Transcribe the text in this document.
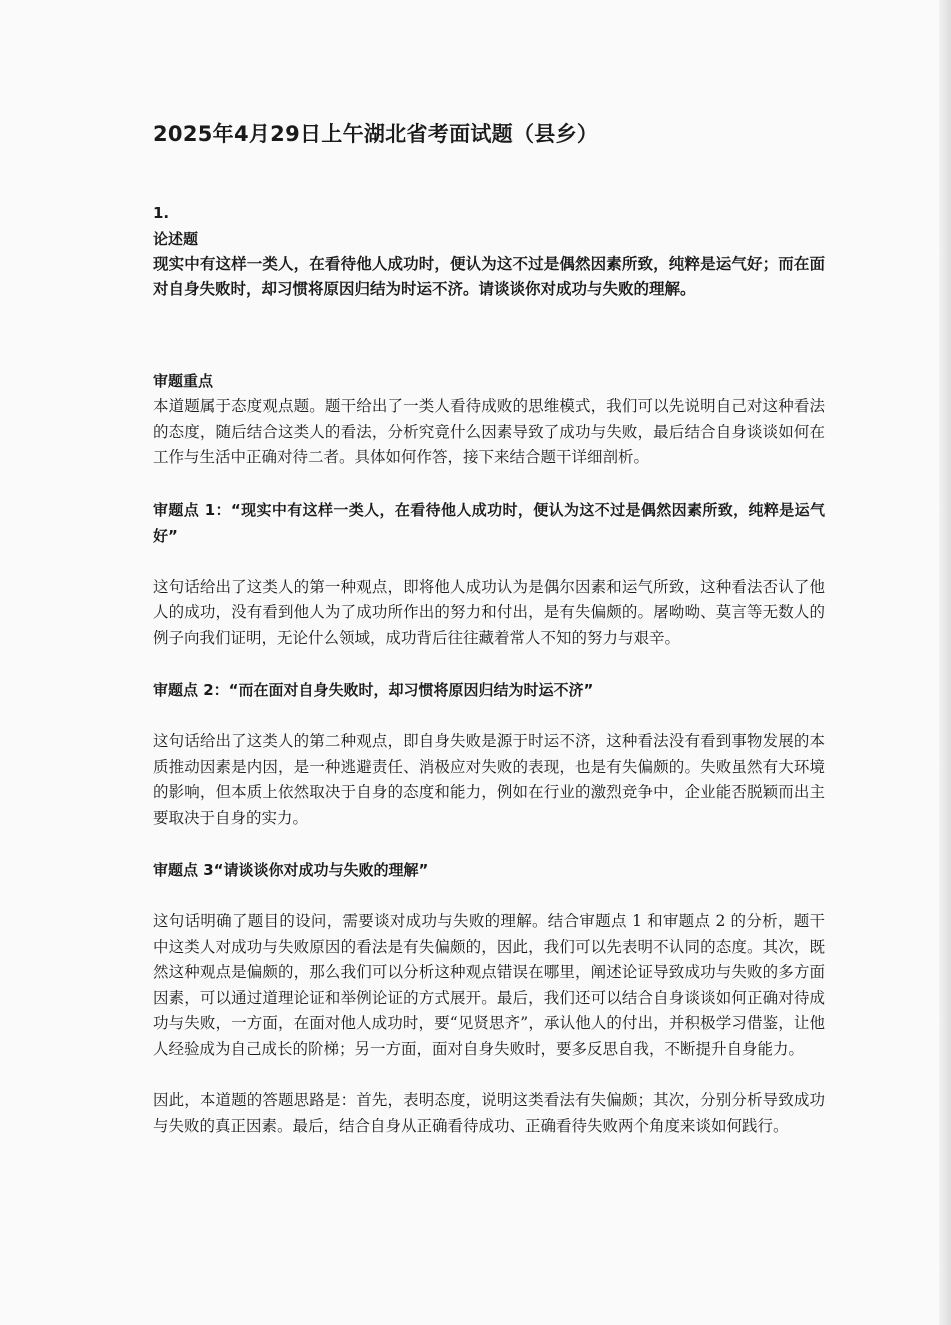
2025年4月29日上午湖北省考面试题（县乡）

1.

论述题

现实中有这样一类人，在看待他人成功时，便认为这不过是偶然因素所致，纯粹是运气好；而在面对自身失败时，却习惯将原因归结为时运不济。请谈谈你对成功与失败的理解。

审题重点

本道题属于态度观点题。题干给出了一类人看待成败的思维模式，我们可以先说明自己对这种看法的态度，随后结合这类人的看法，分析究竟什么因素导致了成功与失败，最后结合自身谈谈如何在工作与生活中正确对待二者。具体如何作答，接下来结合题干详细剖析。

审题点 1：“现实中有这样一类人，在看待他人成功时，便认为这不过是偶然因素所致，纯粹是运气好”

这句话给出了这类人的第一种观点，即将他人成功认为是偶尔因素和运气所致，这种看法否认了他人的成功，没有看到他人为了成功所作出的努力和付出，是有失偏颇的。屠呦呦、莫言等无数人的例子向我们证明，无论什么领域，成功背后往往藏着常人不知的努力与艰辛。

审题点 2：“而在面对自身失败时，却习惯将原因归结为时运不济”

这句话给出了这类人的第二种观点，即自身失败是源于时运不济，这种看法没有看到事物发展的本质推动因素是内因，是一种逃避责任、消极应对失败的表现，也是有失偏颇的。失败虽然有大环境的影响，但本质上依然取决于自身的态度和能力，例如在行业的激烈竞争中，企业能否脱颖而出主要取决于自身的实力。

审题点 3“请谈谈你对成功与失败的理解”

这句话明确了题目的设问，需要谈对成功与失败的理解。结合审题点 1 和审题点 2 的分析，题干中这类人对成功与失败原因的看法是有失偏颇的，因此，我们可以先表明不认同的态度。其次，既然这种观点是偏颇的，那么我们可以分析这种观点错误在哪里，阐述论证导致成功与失败的多方面因素，可以通过道理论证和举例论证的方式展开。最后，我们还可以结合自身谈谈如何正确对待成功与失败，一方面，在面对他人成功时，要“见贤思齐”，承认他人的付出，并积极学习借鉴，让他人经验成为自己成长的阶梯；另一方面，面对自身失败时，要多反思自我，不断提升自身能力。

因此，本道题的答题思路是：首先，表明态度，说明这类看法有失偏颇；其次，分别分析导致成功与失败的真正因素。最后，结合自身从正确看待成功、正确看待失败两个角度来谈如何践行。
